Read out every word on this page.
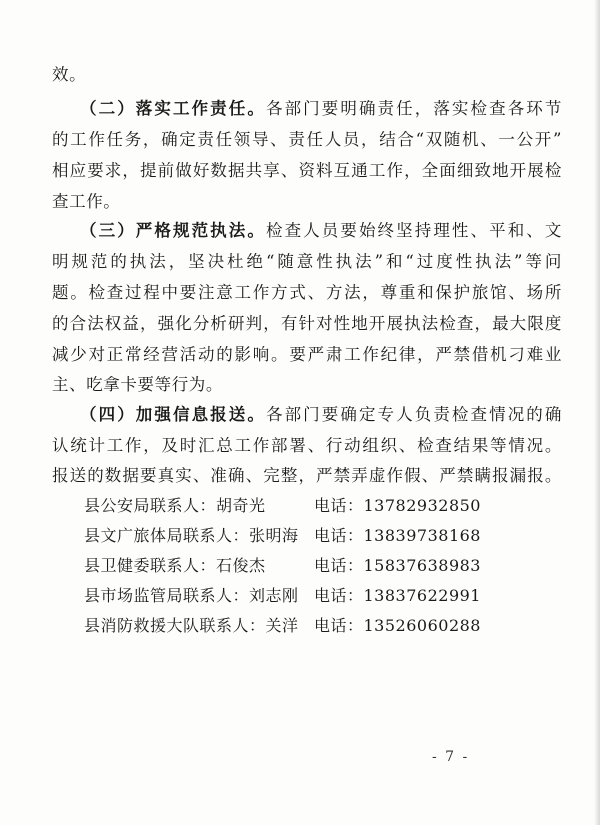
效。
（二）落实工作责任。各部门要明确责任，落实检查各环节
的工作任务，确定责任领导、责任人员，结合“双随机、一公开”
相应要求，提前做好数据共享、资料互通工作，全面细致地开展检
查工作。
（三）严格规范执法。检查人员要始终坚持理性、平和、文
明规范的执法，坚决杜绝“随意性执法”和“过度性执法”等问
题。检查过程中要注意工作方式、方法，尊重和保护旅馆、场所
的合法权益，强化分析研判，有针对性地开展执法检查，最大限度
减少对正常经营活动的影响。要严肃工作纪律，严禁借机刁难业
主、吃拿卡要等行为。
（四）加强信息报送。各部门要确定专人负责检查情况的确
认统计工作，及时汇总工作部署、行动组织、检查结果等情况。
报送的数据要真实、准确、完整，严禁弄虚作假、严禁瞒报漏报。
县公安局联系人：胡奇光	电话：13782932850
县文广旅体局联系人：张明海 电话：13839738168
县卫健委联系人：石俊杰	电话：15837638983
县市场监管局联系人：刘志刚 电话：13837622991
县消防救援大队联系人：关洋 电话：13526060288
- 7 -
